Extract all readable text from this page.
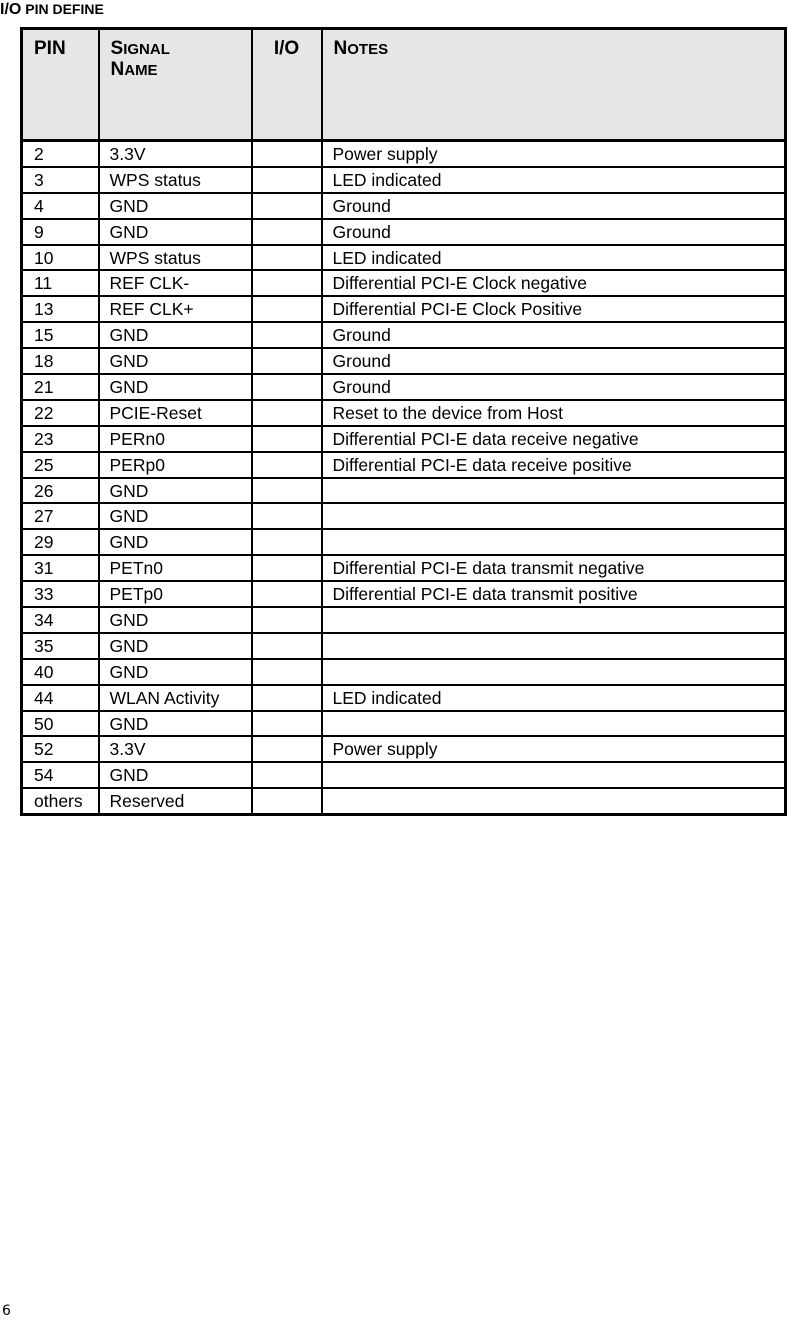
I/O PIN DEFINE
PIN	SIGNAL
NAME	I/O	NOTES
2	3.3V		Power supply
3	WPS status		LED indicated
4	GND		Ground
9	GND		Ground
10	WPS status		LED indicated
11	REF CLK-		Differential PCI-E Clock negative
13	REF CLK+		Differential PCI-E Clock Positive
15	GND		Ground
18	GND		Ground
21	GND		Ground
22	PCIE-Reset		Reset to the device from Host
23	PERn0		Differential PCI-E data receive negative
25	PERp0		Differential PCI-E data receive positive
26	GND		
27	GND		
29	GND		
31	PETn0		Differential PCI-E data transmit negative
33	PETp0		Differential PCI-E data transmit positive
34	GND		
35	GND		
40	GND		
44	WLAN Activity		LED indicated
50	GND		
52	3.3V		Power supply
54	GND		
others	Reserved		
6
